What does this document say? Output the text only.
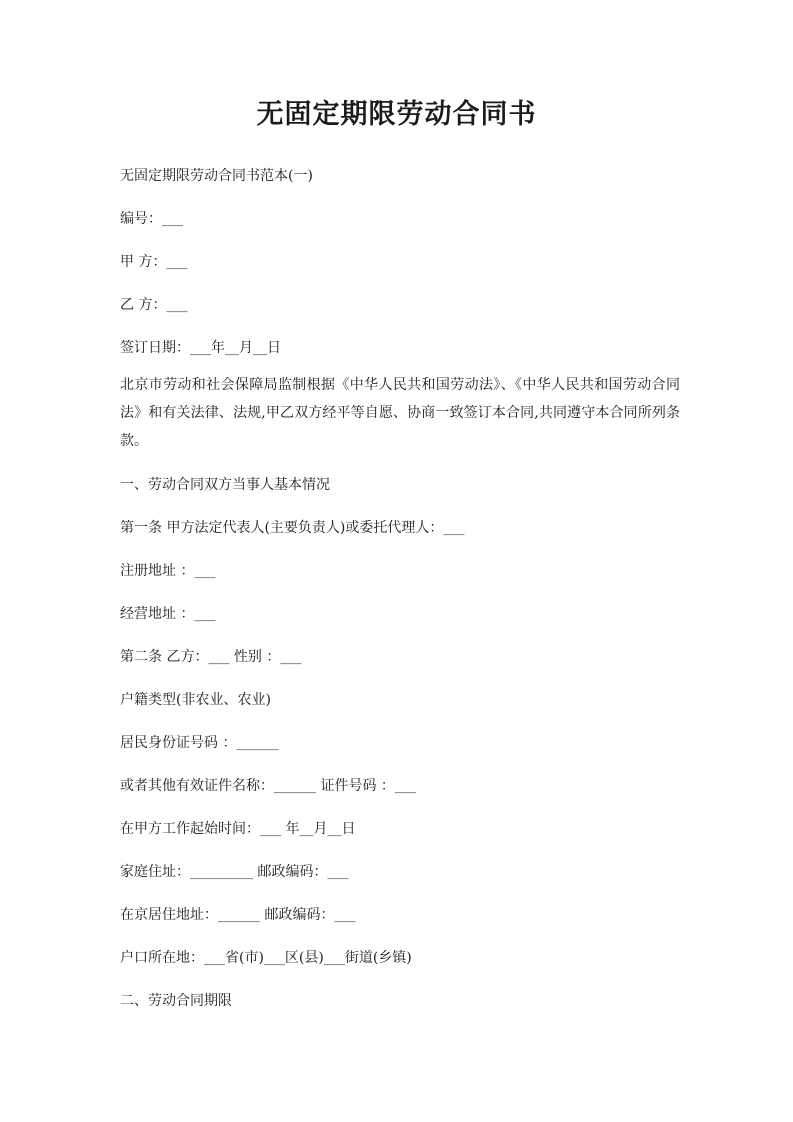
无固定期限劳动合同书
无固定期限劳动合同书范本(一)
编号：___
甲 方：___
乙 方：___
签订日期：___年__月__日
北京市劳动和社会保障局监制根据《中华人民共和国劳动法》、《中华人民共和国劳动合同法》和有关法律、法规,甲乙双方经平等自愿、协商一致签订本合同,共同遵守本合同所列条款。
一、劳动合同双方当事人基本情况
第一条 甲方法定代表人(主要负责人)或委托代理人：___
注册地址 ：___
经营地址 ：___
第二条 乙方：___ 性别 ：___
户籍类型(非农业、农业)
居民身份证号码 ：______
或者其他有效证件名称：______ 证件号码 ：___
在甲方工作起始时间：___ 年__月__日
家庭住址：_________ 邮政编码：___
在京居住地址：______ 邮政编码：___
户口所在地：___省(市)___区(县)___街道(乡镇)
二、劳动合同期限
